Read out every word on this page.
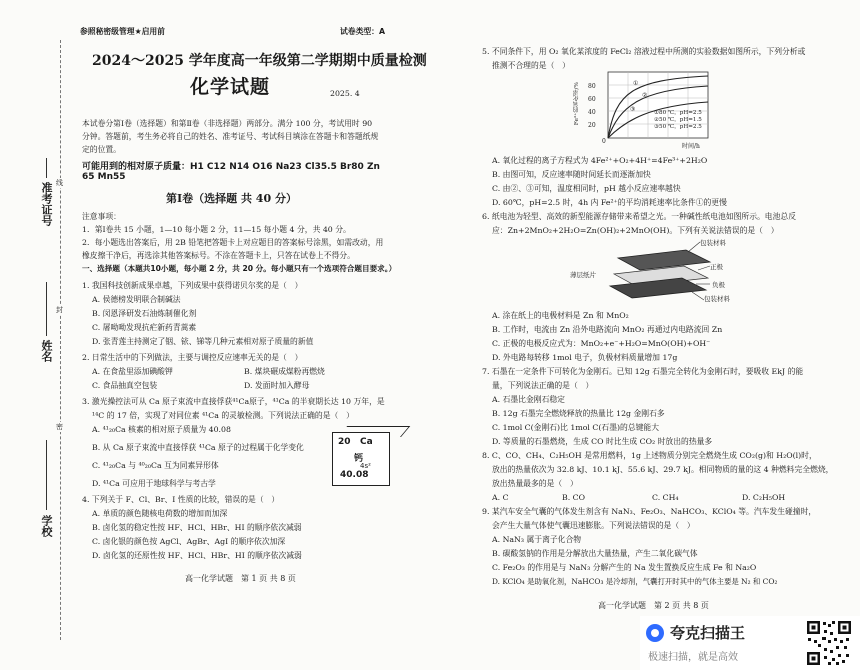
参照秘密级管理★启用前	试卷类型：A
2024～2025 学年度高一年级第二学期期中质量检测
化学试题	2025. 4
本试卷分第Ⅰ卷（选择题）和第Ⅱ卷（非选择题）两部分。满分 100 分，考试用时 90
分钟。答题前，考生务必将自己的姓名、准考证号、考试科目填涂在答题卡和答题纸规
定的位置。
可能用到的相对原子质量：H1 C12 N14 O16 Na23 Cl35.5 Br80 Zn
65 Mn55
第Ⅰ卷（选择题 共 40 分）
注意事项：
1．第Ⅰ卷共 15 小题，1—10 每小题 2 分，11—15 每小题 4 分，共 40 分。
2．每小题选出答案后，用 2B 铅笔把答题卡上对应题目的答案标号涂黑，如需改动，用
橡皮擦干净后，再选涂其他答案标号。不涂在答题卡上，只答在试卷上不得分。
一、选择题（本题共10小题，每小题 2 分，共 20 分。每小题只有一个选项符合题目要求。）
1. 我国科技创新成果卓越，下列成果中获得诺贝尔奖的是（　）
A. 侯德榜发明联合制碱法
B. 闵恩泽研发石油炼制催化剂
C. 屠呦呦发现抗疟新药青蒿素
D. 张青莲主持测定了铟、铱、锑等几种元素相对原子质量的新值
2. 日常生活中的下列做法，主要与调控反应速率无关的是（　）
A. 在食盐里添加碘酸钾	B. 煤块碾成煤粉再燃烧
C. 食品抽真空包装	D. 发面时加入酵母
3. 激光操控法可从 Ca 原子束流中直接俘获⁴¹Ca原子，⁴¹Ca 的半衰期长达 10 万年，是
¹⁴C 的 17 倍，实现了对同位素 ⁴¹Ca 的灵敏检测。下列说法正确的是（　）
A. ⁴¹₂₀Ca 核素的相对原子质量为 40.08
B. 从 Ca 原子束流中直接俘获 ⁴¹Ca 原子的过程属于化学变化
C. ⁴¹₂₀Ca 与 ⁴⁰₂₀Ca 互为同素异形体
D. ⁴¹Ca 可应用于地球科学与考古学
20 Ca
钙
4s²
40.08
4. 下列关于 F、Cl、Br、I 性质的比较，错误的是（　）
A. 单质的颜色随核电荷数的增加而加深
B. 卤化氢的稳定性按 HF、HCl、HBr、HI 的顺序依次减弱
C. 卤化银的颜色按 AgCl、AgBr、AgI 的顺序依次加深
D. 卤化氢的还原性按 HF、HCl、HBr、HI 的顺序依次减弱
高一化学试题　第 1 页 共 8 页
准考证号
姓名
学校
线
封
密
5. 不同条件下，用 O₂ 氧化某浓度的 FeCl₂ 溶液过程中所测的实验数据如图所示，下列分析或
推测不合理的是（　）
①
②
③
80
60
40
20
0
Fe²⁺的氧化率/%
时间/h
①80 ℃，pH=2.5
②50 ℃，pH=1.5
③50 ℃，pH=2.5
A. 氧化过程的离子方程式为 4Fe²⁺+O₂+4H⁺=4Fe³⁺+2H₂O
B. 由图可知，反应速率随时间延长而逐渐加快
C. 由②、③可知，温度相同时，pH 越小反应速率越快
D. 60℃，pH=2.5 时，4h 内 Fe²⁺的平均消耗速率比条件①的更慢
6. 纸电池为轻型、高效的新型能源存储带来希望之光。一种碱性纸电池如图所示。电池总反
应：Zn+2MnO₂+2H₂O=Zn(OH)₂+2MnO(OH)。下列有关说法错误的是（　）
包装材料
正极
薄层纸片
负极
包装材料
A. 涂在纸上的电极材料是 Zn 和 MnO₂
B. 工作时，电流由 Zn 沿外电路流向 MnO₂ 再通过内电路流回 Zn
C. 正极的电极反应式为：MnO₂+e⁻+H₂O=MnO(OH)+OH⁻
D. 外电路每转移 1mol 电子，负极材料质量增加 17g
7. 石墨在一定条件下可转化为金刚石。已知 12g 石墨完全转化为金刚石时，要吸收 EkJ 的能
量，下列说法正确的是（　）
A. 石墨比金刚石稳定
B. 12g 石墨完全燃烧释放的热量比 12g 金刚石多
C. 1mol C(金刚石)比 1mol C(石墨)的总键能大
D. 等质量的石墨燃烧，生成 CO 时比生成 CO₂ 时放出的热量多
8. C、CO、CH₄、C₂H₅OH 是常用燃料，1g 上述物质分别完全燃烧生成 CO₂(g)和 H₂O(l)时，
放出的热量依次为 32.8 kJ、10.1 kJ、55.6 kJ、29.7 kJ。相同物质的量的这 4 种燃料完全燃烧，
放出热量最多的是（　）
A. C	B. CO	C. CH₄	D. C₂H₅OH
9. 某汽车安全气囊的气体发生剂含有 NaN₃、Fe₂O₃、NaHCO₃、KClO₄ 等。汽车发生碰撞时，
会产生大量气体使气囊迅速膨胀。下列说法错误的是（　）
A. NaN₃ 属于离子化合物
B. 碳酸氢钠的作用是分解放出大量热量，产生二氧化碳气体
C. Fe₂O₃ 的作用是与 NaN₃ 分解产生的 Na 发生置换反应生成 Fe 和 Na₂O
D. KClO₄ 是助氧化剂，NaHCO₃ 是冷却剂，气囊打开时其中的气体主要是 N₂ 和 CO₂
高一化学试题　第 2 页 共 8 页
夸克扫描王
极速扫描，就是高效
